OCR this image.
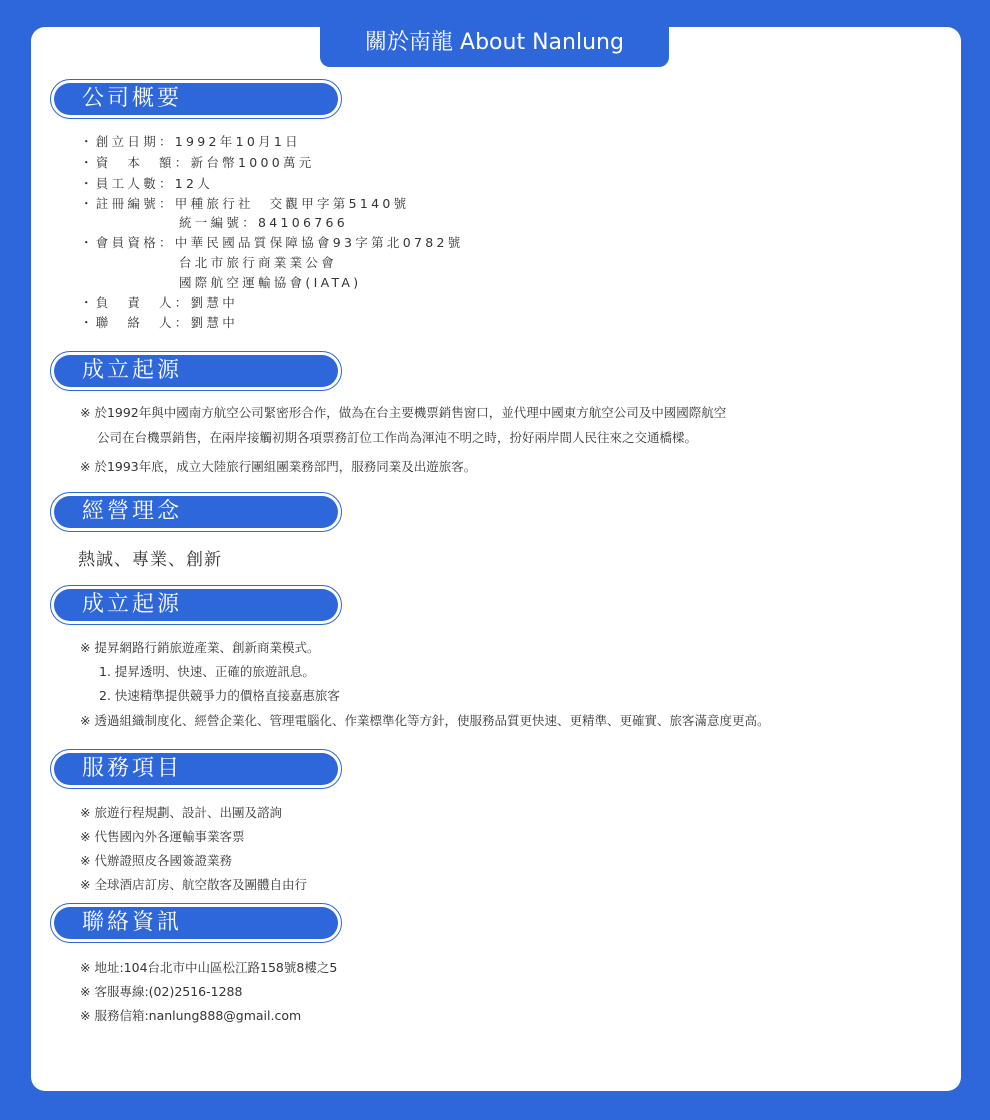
關於南龍 About Nanlung
公司概要
・創立日期：1992年10月1日
・資　本　額：新台幣1000萬元
・員工人數：12人
・註冊編號：甲種旅行社　交觀甲字第5140號
統一編號：84106766
・會員資格：中華民國品質保障協會93字第北0782號
台北市旅行商業業公會
國際航空運輸協會(IATA)
・負　責　人：劉慧中
・聯　絡　人：劉慧中
成立起源
※ 於1992年與中國南方航空公司緊密形合作，做為在台主要機票銷售窗口，並代理中國東方航空公司及中國國際航空
公司在台機票銷售，在兩岸接觸初期各項票務訂位工作尚為渾沌不明之時，扮好兩岸間人民往來之交通橋樑。
※ 於1993年底，成立大陸旅行團組團業務部門，服務同業及出遊旅客。
經營理念
熱誠、專業、創新
成立起源
※ 提昇網路行銷旅遊產業、創新商業模式。
1. 提昇透明、快速、正確的旅遊訊息。
2. 快速精準提供競爭力的價格直接嘉惠旅客
※ 透過組織制度化、經營企業化、管理電腦化、作業標準化等方針，使服務品質更快速、更精準、更確實、旅客滿意度更高。
服務項目
※ 旅遊行程規劃、設計、出團及諮詢
※ 代售國內外各運輸事業客票
※ 代辦證照皮各國簽證業務
※ 全球酒店訂房、航空散客及團體自由行
聯絡資訊
※ 地址:104台北市中山區松江路158號8樓之5
※ 客服專線:(02)2516-1288
※ 服務信箱:nanlung888@gmail.com
